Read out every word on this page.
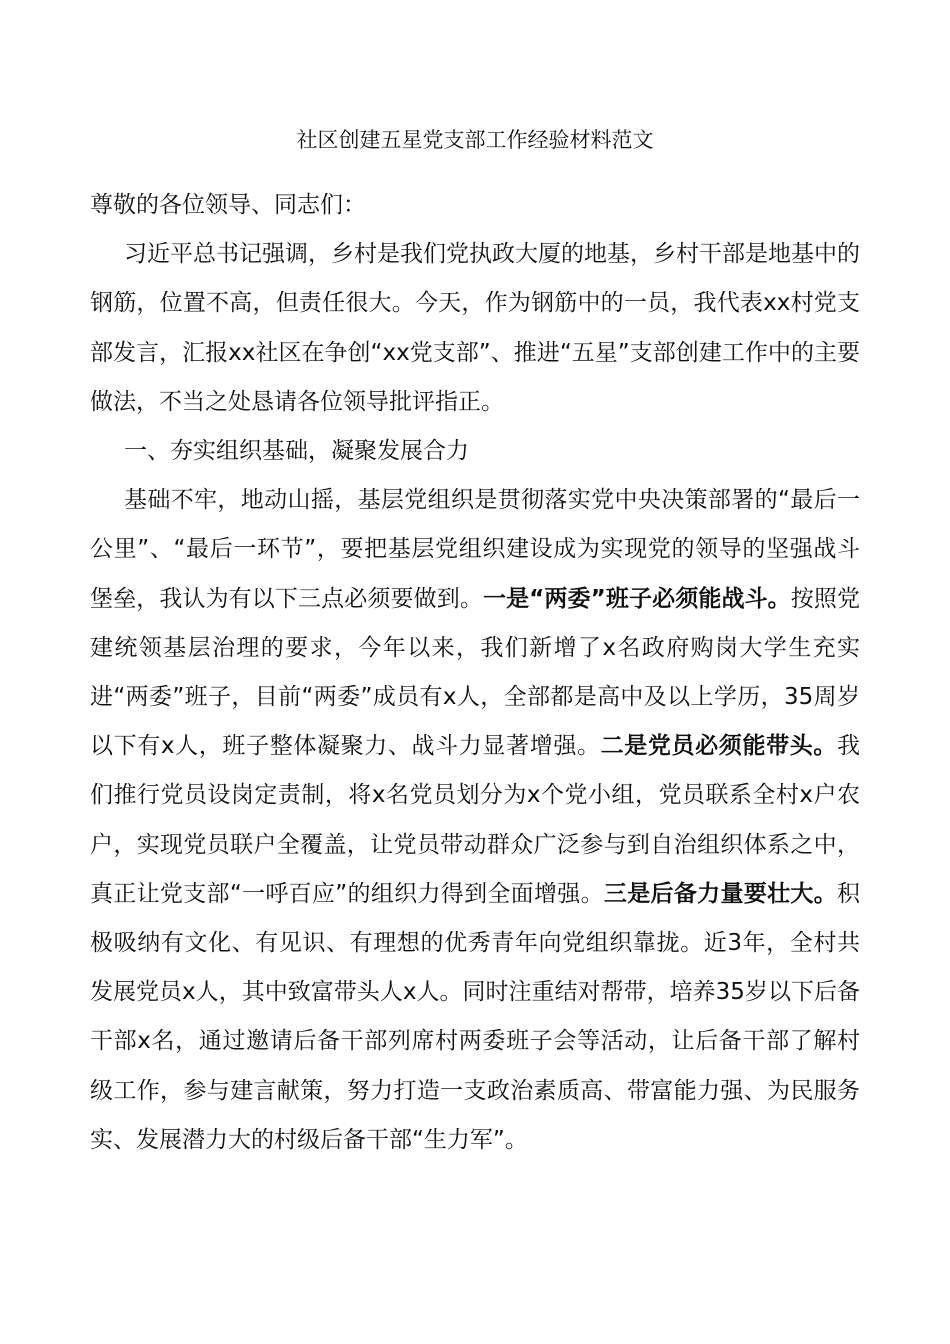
社区创建五星党支部工作经验材料范文

尊敬的各位领导、同志们：

习近平总书记强调，乡村是我们党执政大厦的地基，乡村干部是地基中的钢筋，位置不高，但责任很大。今天，作为钢筋中的一员，我代表xx村党支部发言，汇报xx社区在争创“xx党支部”、推进“五星”支部创建工作中的主要做法，不当之处恳请各位领导批评指正。

一、夯实组织基础，凝聚发展合力

基础不牢，地动山摇，基层党组织是贯彻落实党中央决策部署的“最后一公里”、“最后一环节”，要把基层党组织建设成为实现党的领导的坚强战斗堡垒，我认为有以下三点必须要做到。一是“两委”班子必须能战斗。按照党建统领基层治理的要求，今年以来，我们新增了x名政府购岗大学生充实进“两委”班子，目前“两委”成员有x人，全部都是高中及以上学历，35周岁以下有x人，班子整体凝聚力、战斗力显著增强。二是党员必须能带头。我们推行党员设岗定责制，将x名党员划分为x个党小组，党员联系全村x户农户，实现党员联户全覆盖，让党员带动群众广泛参与到自治组织体系之中，真正让党支部“一呼百应”的组织力得到全面增强。三是后备力量要壮大。积极吸纳有文化、有见识、有理想的优秀青年向党组织靠拢。近3年，全村共发展党员x人，其中致富带头人x人。同时注重结对帮带，培养35岁以下后备干部x名，通过邀请后备干部列席村两委班子会等活动，让后备干部了解村级工作，参与建言献策，努力打造一支政治素质高、带富能力强、为民服务实、发展潜力大的村级后备干部“生力军”。
